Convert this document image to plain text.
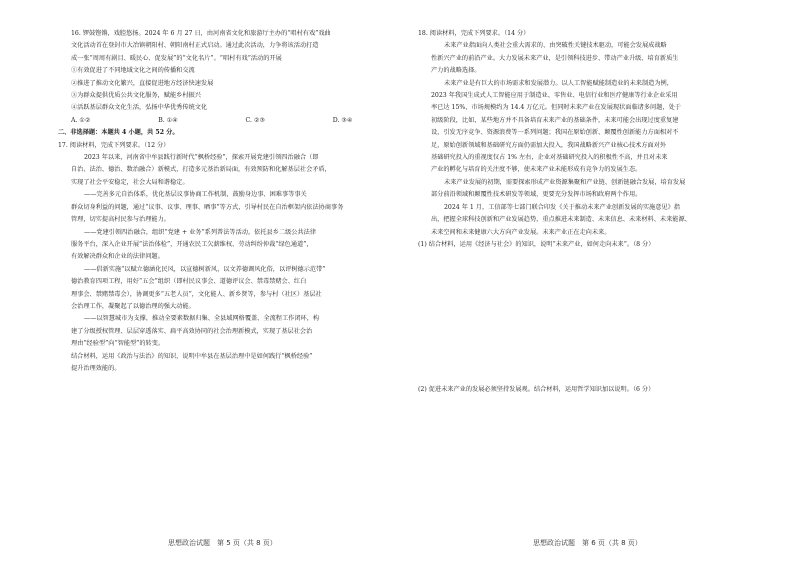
16. 锣鼓铿锵，戏腔悠扬。2024 年 6 月 27 日，由河南省文化和旅游厅主办的“唱村有戏”戏曲
文化活动首在登封市大冶镇朝阳村、朝阳南村正式启动。通过此次活动，力争将该活动打造
成一张“周周有剧目、暖民心、促发展”的“文化名片”。“唱村有戏”活动的开展
①有效促进了不同地域文化之间的传播和交流
②推进了推动文化繁兴，直接促进地方经济快速发展
③为群众提供优质公共文化服务，赋能乡村振兴
④活跃基层群众文化生活，弘扬中华优秀传统文化
A. ①②	B. ①④	C. ②③	D. ③④
二、非选择题：本题共 4 小题，共 52 分。
17. 阅读材料，完成下列要求。（12 分）
2023 年以来，河南省中牟县践行新时代“枫桥经验”，探索开展党建引领四治融合（即
自治、法治、德治、数治融合）新模式，打造多元基治新局面，有效预防和化解基层社会矛盾，
实现了社会平安稳定，社会大局和谐稳定。
——完善多元自治体系，优化基层议事协商工作机制，鼓励身边事、困难事等事关
群众切身利益的问题，通过“议事、议事、理事、晒事”等方式，引导村民在自治框架内依法协商事务
管理，切实提高村民参与治理能力。
——党建引领四治融合，组织“党建 + 业务”系列普法等活动，依托县乡二级公共法律
服务平台，深入企业开展“法治体检”，开通农民工欠薪维权、劳动纠纷仲裁“绿色通道”，
有效解决群众和企业的法律问题。
——倡新实施“以赋立德涵化民风，以宣德树新风，以文养德调风化俗，以评树德示范带”
德治教育四项工程，用好“五会”组织（即村民议事会、道德评议会、禁毒禁赌会、红白
理事会、禁赌禁毒会），协调更多“五老人员”，文化能人、新乡贤等，参与村（社区）基层社
会治理工作，凝聚起了以德治理的强大动能。
——以智慧城市为支撑，推动全要素数据归集、全县域网格覆盖、全流程工作闭环，构
建了分级授权管理、层层穿透落实、扁平高效协同的社会治理新模式，实现了基层社会治
理由“经验型”向“智能型”的转变。
结合材料，运用《政治与法治》的知识，说明中牟县在基层治理中是如何践行“枫桥经验”
提升治理效能的。
18. 阅读材料，完成下列要求。（14 分）
未来产业指面向人类社会重大需求的、由突破性关键技术驱动，可能会发展成战略
性新兴产业的前沿产业。大力发展未来产业，是引领科技进步、带动产业升级、培育新质生
产力的战略选择。
未来产业是有巨大的市场需求和发展潜力。以人工智能赋能制造业的未来制造为例，
2023 年我国生成式人工智能应用于制造业、零售业、电信行业和医疗健康等行业企业采用
率已达 15%，市场规模约为 14.4 万亿元。但同时未来产业在发展现状面临诸多问题，处于
初级阶段，比如，某些地方并不具备培育未来产业的基础条件，未来可能会出现过度重复建
设，引发无序竞争、资源浪费等一系列问题；我国在原始创新、颠覆性创新能力方面相对不
足，原始创新领域和基础研究方面仍需加大投入，我国战略新兴产业核心技术方面对外
基础研究投入的重视度仅占 1% 左右，企业对基础研究投入的积极性不高，并且对未来
产业的孵化与培育的关注度不够，使未来产业未能形成有竞争力的发展生态。
未来产业发展的初期，需要探索形成产业资源集聚和产业链、创新链融合发展，培育发展
部分前沿领域和颠覆性技术研发等领域，更要充分发挥市场和政府两个作用。
2024 年 1 月，工信部等七部门联合印发《关于推动未来产业创新发展的实施意见》指
出，把握全球科技创新和产业发展趋势，重点推进未来制造、未来信息、未来材料、未来能源、
未来空间和未来健康六大方向产业发展。未来产业正在走向未来。
(1) 结合材料，运用《经济与社会》的知识，说明“未来产业，如何走向未来”。（8 分）
(2) 促进未来产业的发展必须坚持发展观。结合材料，运用哲学知识加以说明。（6 分）
思想政治试题　第 5 页（共 8 页）	思想政治试题　第 6 页（共 8 页）
